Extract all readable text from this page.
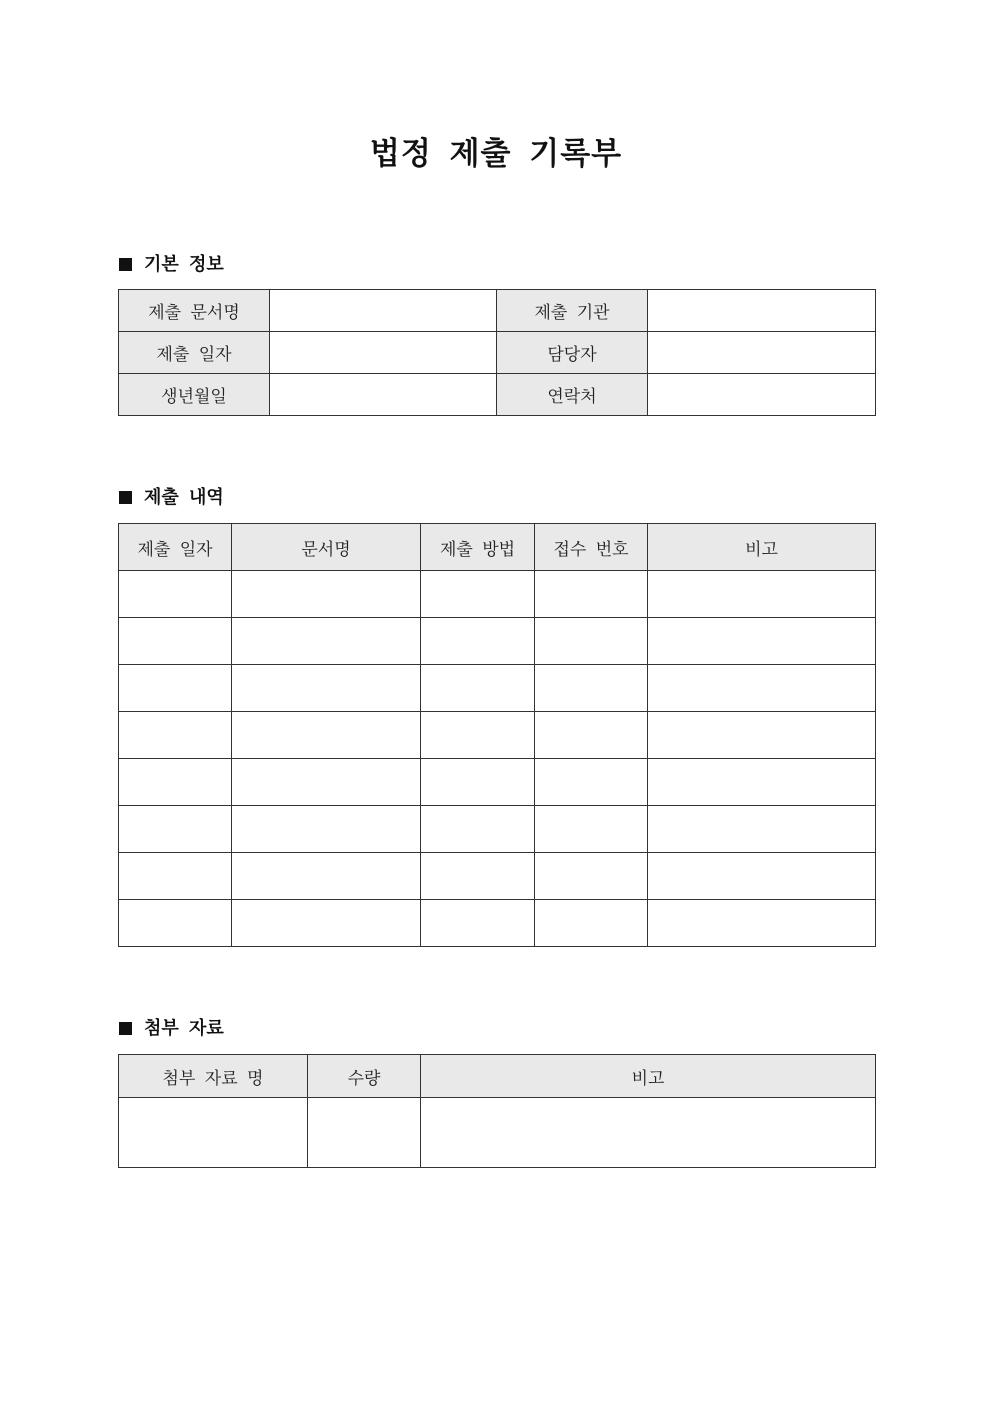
법정 제출 기록부
기본 정보
제출 문서명		제출 기관	
제출 일자		담당자	
생년월일		연락처	
제출 내역
제출 일자	문서명	제출 방법	접수 번호	비고

첨부 자료
첨부 자료 명	수량	비고
